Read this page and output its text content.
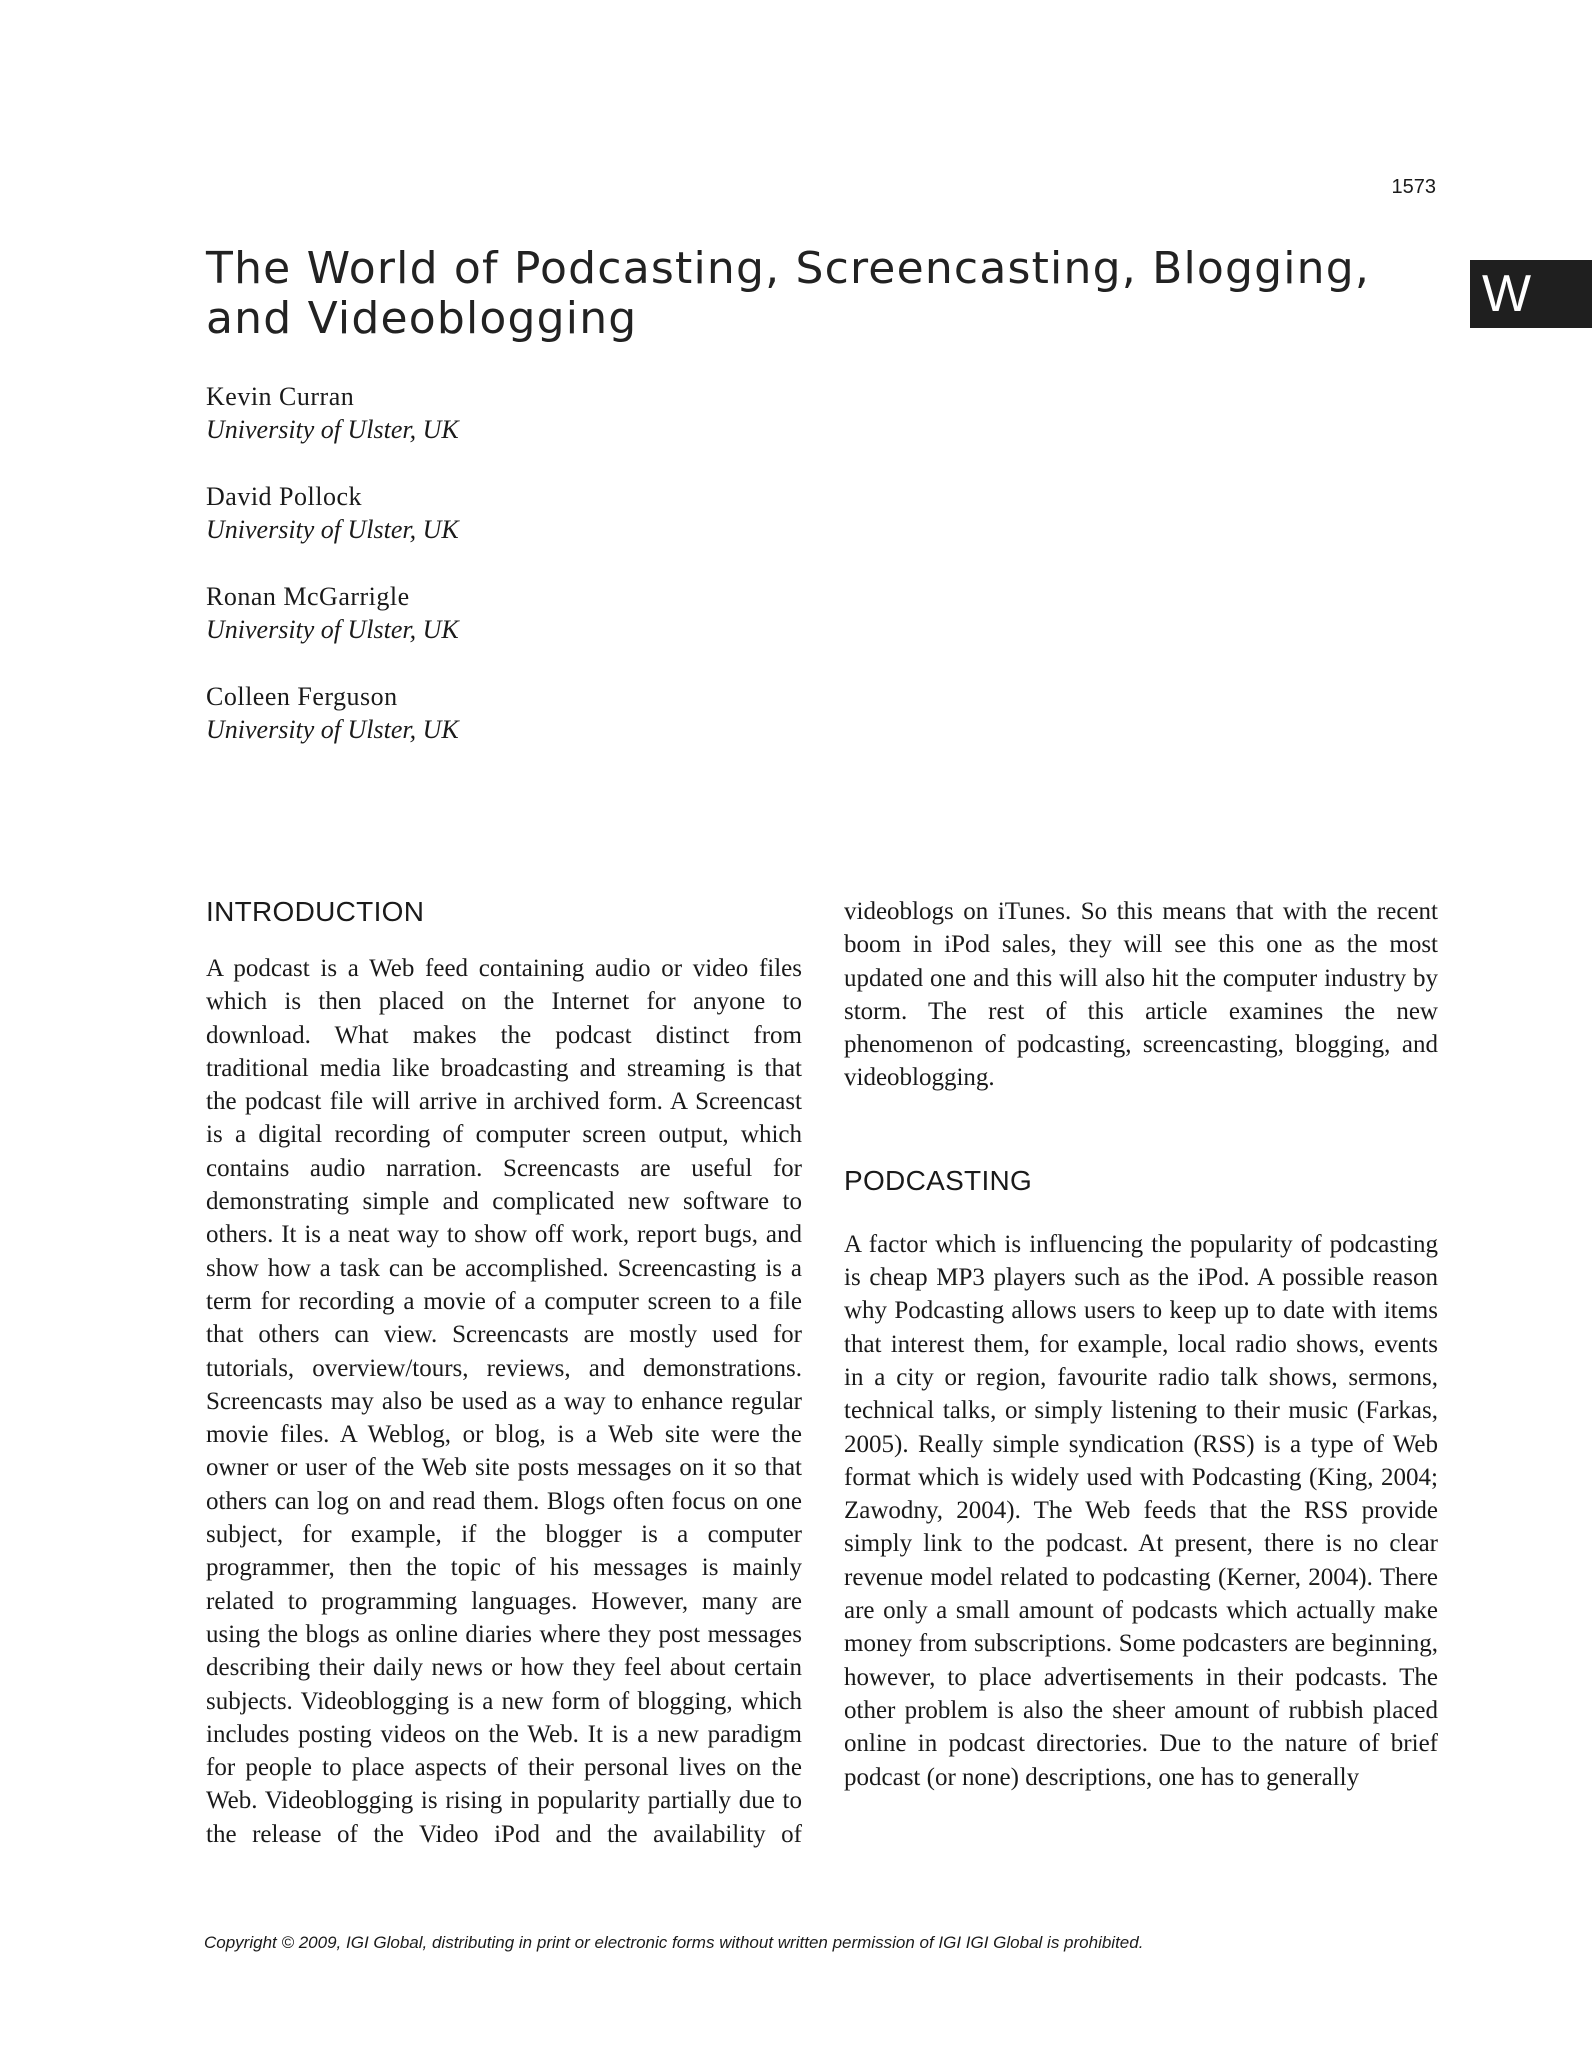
1573
W
The World of Podcasting, Screencasting, Blogging, and Videoblogging
Kevin Curran
University of Ulster, UK
David Pollock
University of Ulster, UK
Ronan McGarrigle
University of Ulster, UK
Colleen Ferguson
University of Ulster, UK
INTRODUCTION

A podcast is a Web feed containing audio or video files which is then placed on the Internet for anyone to download. What makes the podcast distinct from traditional media like broadcasting and streaming is that the podcast file will arrive in archived form. A Screencast is a digital recording of computer screen output, which contains audio narration. Screencasts are useful for demonstrating simple and complicated new software to others. It is a neat way to show off work, report bugs, and show how a task can be accomplished. Screencasting is a term for recording a movie of a computer screen to a file that others can view. Screencasts are mostly used for tutorials, overview/tours, reviews, and demonstrations. Screencasts may also be used as a way to enhance regular movie files. A Weblog, or blog, is a Web site were the owner or user of the Web site posts messages on it so that others can log on and read them. Blogs often focus on one subject, for example, if the blogger is a computer programmer, then the topic of his messages is mainly related to programming languages. However, many are using the blogs as online diaries where they post messages describing their daily news or how they feel about certain subjects. Videoblogging is a new form of blogging, which includes posting videos on the Web. It is a new paradigm for people to place aspects of their personal lives on the Web. Videoblogging is rising in popularity partially due to the release of the Video iPod and the availability of

videoblogs on iTunes. So this means that with the recent boom in iPod sales, they will see this one as the most updated one and this will also hit the computer industry by storm. The rest of this article examines the new phenomenon of podcasting, screencasting, blogging, and videoblogging.

PODCASTING

A factor which is influencing the popularity of podcasting is cheap MP3 players such as the iPod. A possible reason why Podcasting allows users to keep up to date with items that interest them, for example, local radio shows, events in a city or region, favourite radio talk shows, sermons, technical talks, or simply listening to their music (Farkas, 2005). Really simple syndication (RSS) is a type of Web format which is widely used with Podcasting (King, 2004; Zawodny, 2004). The Web feeds that the RSS provide simply link to the podcast. At present, there is no clear revenue model related to podcasting (Kerner, 2004). There are only a small amount of podcasts which actually make money from subscriptions. Some podcasters are beginning, however, to place advertisements in their podcasts. The other problem is also the sheer amount of rubbish placed online in podcast directories. Due to the nature of brief podcast (or none) descriptions, one has to generally

Copyright © 2009, IGI Global, distributing in print or electronic forms without written permission of IGI IGI Global is prohibited.
